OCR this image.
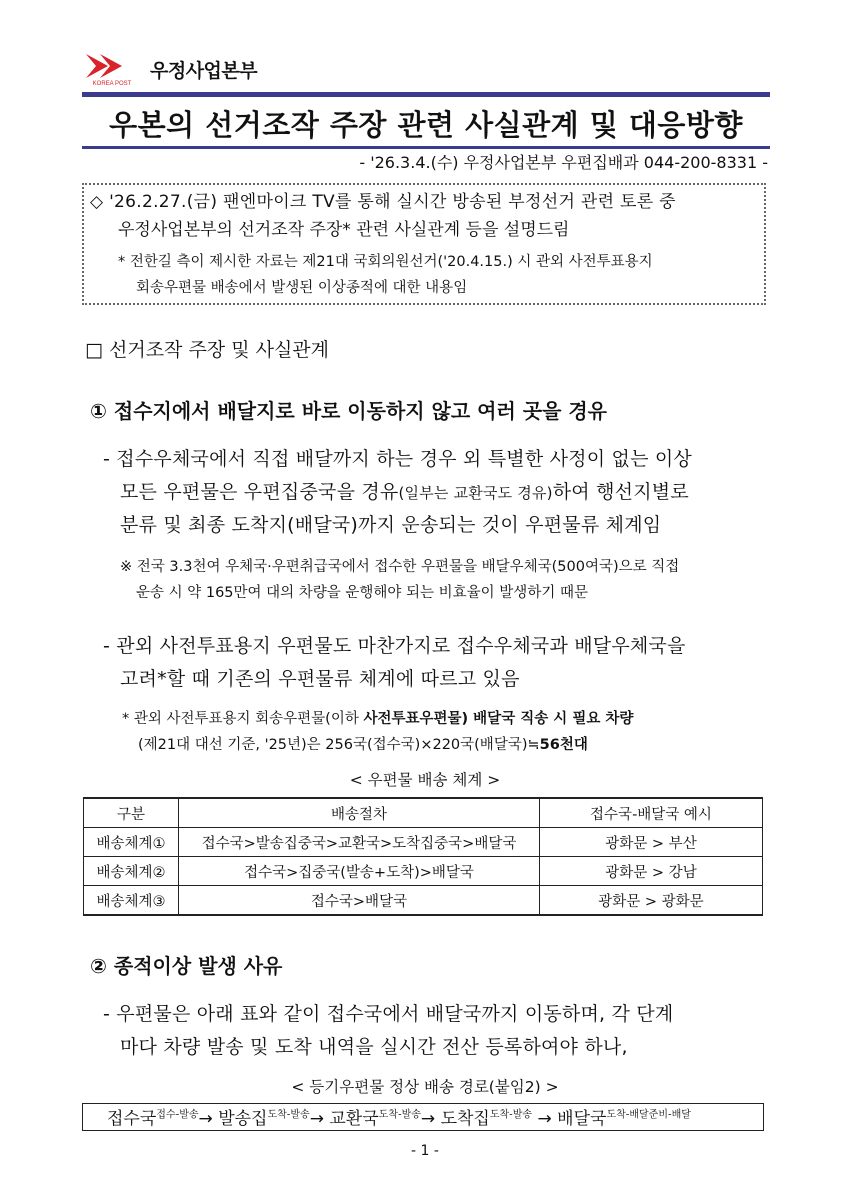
KOREA POST
우정사업본부
우본의 선거조작 주장 관련 사실관계 및 대응방향
- '26.3.4.(수) 우정사업본부 우편집배과 044-200-8331 -
◇ '26.2.27.(금) 팬엔마이크 TV를 통해 실시간 방송된 부정선거 관련 토론 중
우정사업본부의 선거조작 주장* 관련 사실관계 등을 설명드림
* 전한길 측이 제시한 자료는 제21대 국회의원선거('20.4.15.) 시 관외 사전투표용지
회송우편물 배송에서 발생된 이상종적에 대한 내용임
□ 선거조작 주장 및 사실관계
① 접수지에서 배달지로 바로 이동하지 않고 여러 곳을 경유
- 접수우체국에서 직접 배달까지 하는 경우 외 특별한 사정이 없는 이상
모든 우편물은 우편집중국을 경유(일부는 교환국도 경유)하여 행선지별로
분류 및 최종 도착지(배달국)까지 운송되는 것이 우편물류 체계임
※ 전국 3.3천여 우체국·우편취급국에서 접수한 우편물을 배달우체국(500여국)으로 직접
운송 시 약 165만여 대의 차량을 운행해야 되는 비효율이 발생하기 때문
- 관외 사전투표용지 우편물도 마찬가지로 접수우체국과 배달우체국을
고려*할 때 기존의 우편물류 체계에 따르고 있음
* 관외 사전투표용지 회송우편물(이하 사전투표우편물) 배달국 직송 시 필요 차량
(제21대 대선 기준, '25년)은 256국(접수국)×220국(배달국)≒56천대
< 우편물 배송 체계 >
구분	배송절차	접수국-배달국 예시
배송체계①	접수국>발송집중국>교환국>도착집중국>배달국	광화문 > 부산
배송체계②	접수국>집중국(발송+도착)>배달국	광화문 > 강남
배송체계③	접수국>배달국	광화문 > 광화문
② 종적이상 발생 사유
- 우편물은 아래 표와 같이 접수국에서 배달국까지 이동하며, 각 단계
마다 차량 발송 및 도착 내역을 실시간 전산 등록하여야 하나,
< 등기우편물 정상 배송 경로(붙임2) >
접수국$^{접수-발송}$→ 발송집$^{도착-발송}$→ 교환국$^{도착-발송}$→ 도착집$^{도착-발송}$ → 배달국$^{도착-배달준비-배달}$
- 1 -
